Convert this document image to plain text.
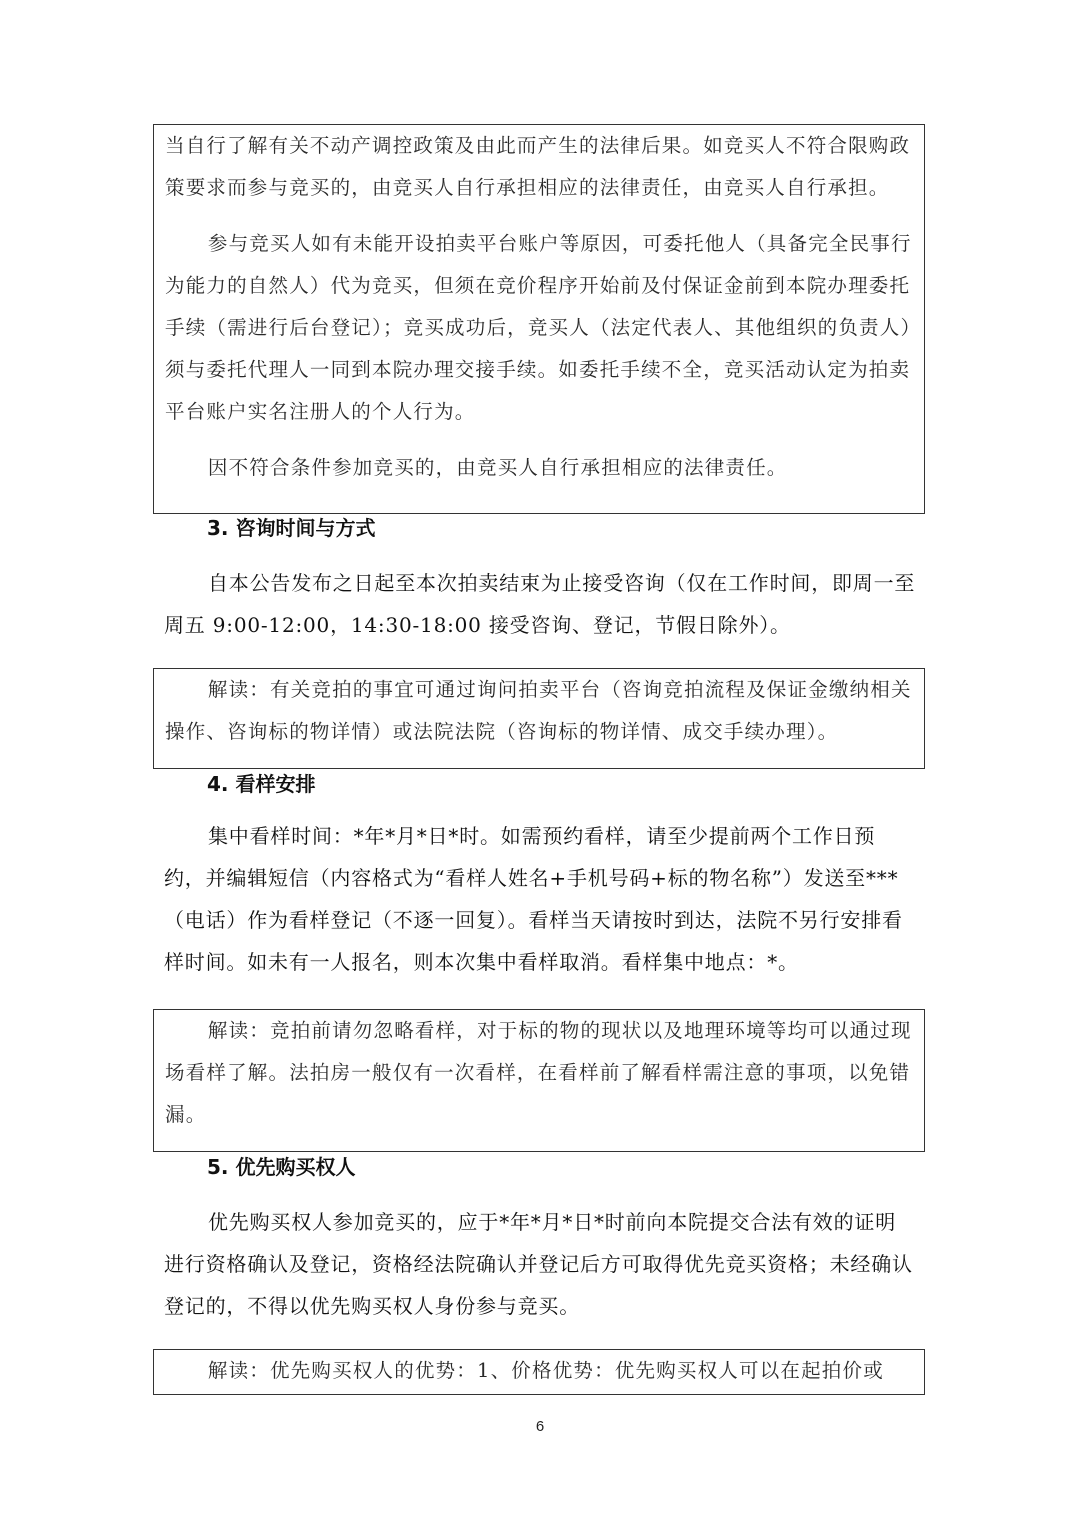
当自行了解有关不动产调控政策及由此而产生的法律后果。如竞买人不符合限购政策要求而参与竞买的，由竞买人自行承担相应的法律责任，由竞买人自行承担。

参与竞买人如有未能开设拍卖平台账户等原因，可委托他人（具备完全民事行为能力的自然人）代为竞买，但须在竞价程序开始前及付保证金前到本院办理委托手续（需进行后台登记）；竞买成功后，竞买人（法定代表人、其他组织的负责人）须与委托代理人一同到本院办理交接手续。如委托手续不全，竞买活动认定为拍卖平台账户实名注册人的个人行为。

因不符合条件参加竞买的，由竞买人自行承担相应的法律责任。

3. 咨询时间与方式

自本公告发布之日起至本次拍卖结束为止接受咨询（仅在工作时间，即周一至周五 9:00-12:00，14:30-18:00 接受咨询、登记，节假日除外）。

解读：有关竞拍的事宜可通过询问拍卖平台（咨询竞拍流程及保证金缴纳相关操作、咨询标的物详情）或法院法院（咨询标的物详情、成交手续办理）。

4. 看样安排

集中看样时间：*年*月*日*时。如需预约看样，请至少提前两个工作日预约，并编辑短信（内容格式为“看样人姓名+手机号码+标的物名称”）发送至***（电话）作为看样登记（不逐一回复）。看样当天请按时到达，法院不另行安排看样时间。如未有一人报名，则本次集中看样取消。看样集中地点：*。

解读：竞拍前请勿忽略看样，对于标的物的现状以及地理环境等均可以通过现场看样了解。法拍房一般仅有一次看样，在看样前了解看样需注意的事项，以免错漏。

5. 优先购买权人

优先购买权人参加竞买的，应于*年*月*日*时前向本院提交合法有效的证明进行资格确认及登记，资格经法院确认并登记后方可取得优先竞买资格；未经确认登记的，不得以优先购买权人身份参与竞买。

解读：优先购买权人的优势：1、价格优势：优先购买权人可以在起拍价或

6
